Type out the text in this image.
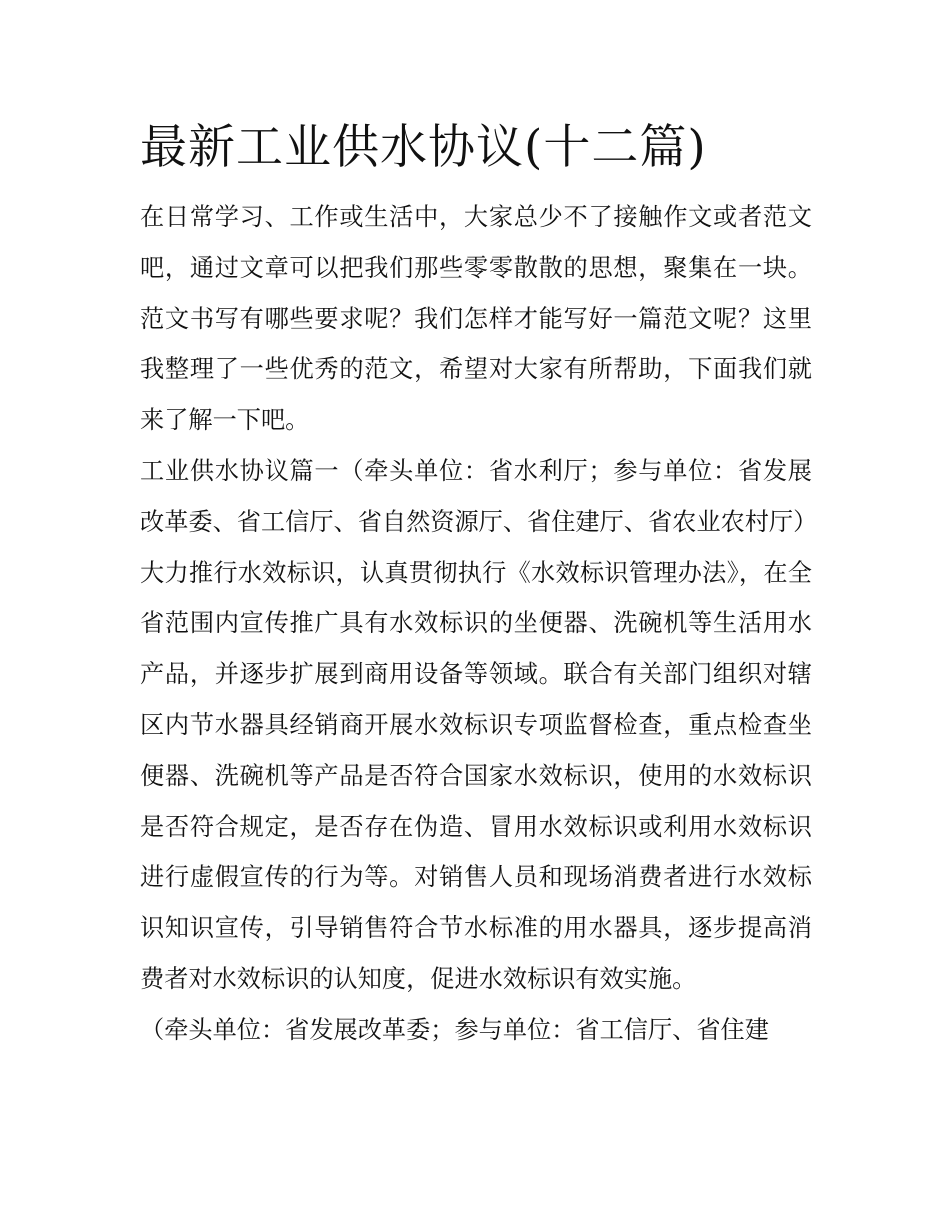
最新工业供水协议(十二篇)

在日常学习、工作或生活中，大家总少不了接触作文或者范文吧，通过文章可以把我们那些零零散散的思想，聚集在一块。范文书写有哪些要求呢？我们怎样才能写好一篇范文呢？这里我整理了一些优秀的范文，希望对大家有所帮助，下面我们就来了解一下吧。

工业供水协议篇一（牵头单位：省水利厅；参与单位：省发展改革委、省工信厅、省自然资源厅、省住建厅、省农业农村厅）

大力推行水效标识，认真贯彻执行《水效标识管理办法》，在全省范围内宣传推广具有水效标识的坐便器、洗碗机等生活用水产品，并逐步扩展到商用设备等领域。联合有关部门组织对辖区内节水器具经销商开展水效标识专项监督检查，重点检查坐便器、洗碗机等产品是否符合国家水效标识，使用的水效标识是否符合规定，是否存在伪造、冒用水效标识或利用水效标识进行虚假宣传的行为等。对销售人员和现场消费者进行水效标识知识宣传，引导销售符合节水标准的用水器具，逐步提高消费者对水效标识的认知度，促进水效标识有效实施。

（牵头单位：省发展改革委；参与单位：省工信厅、省住建
